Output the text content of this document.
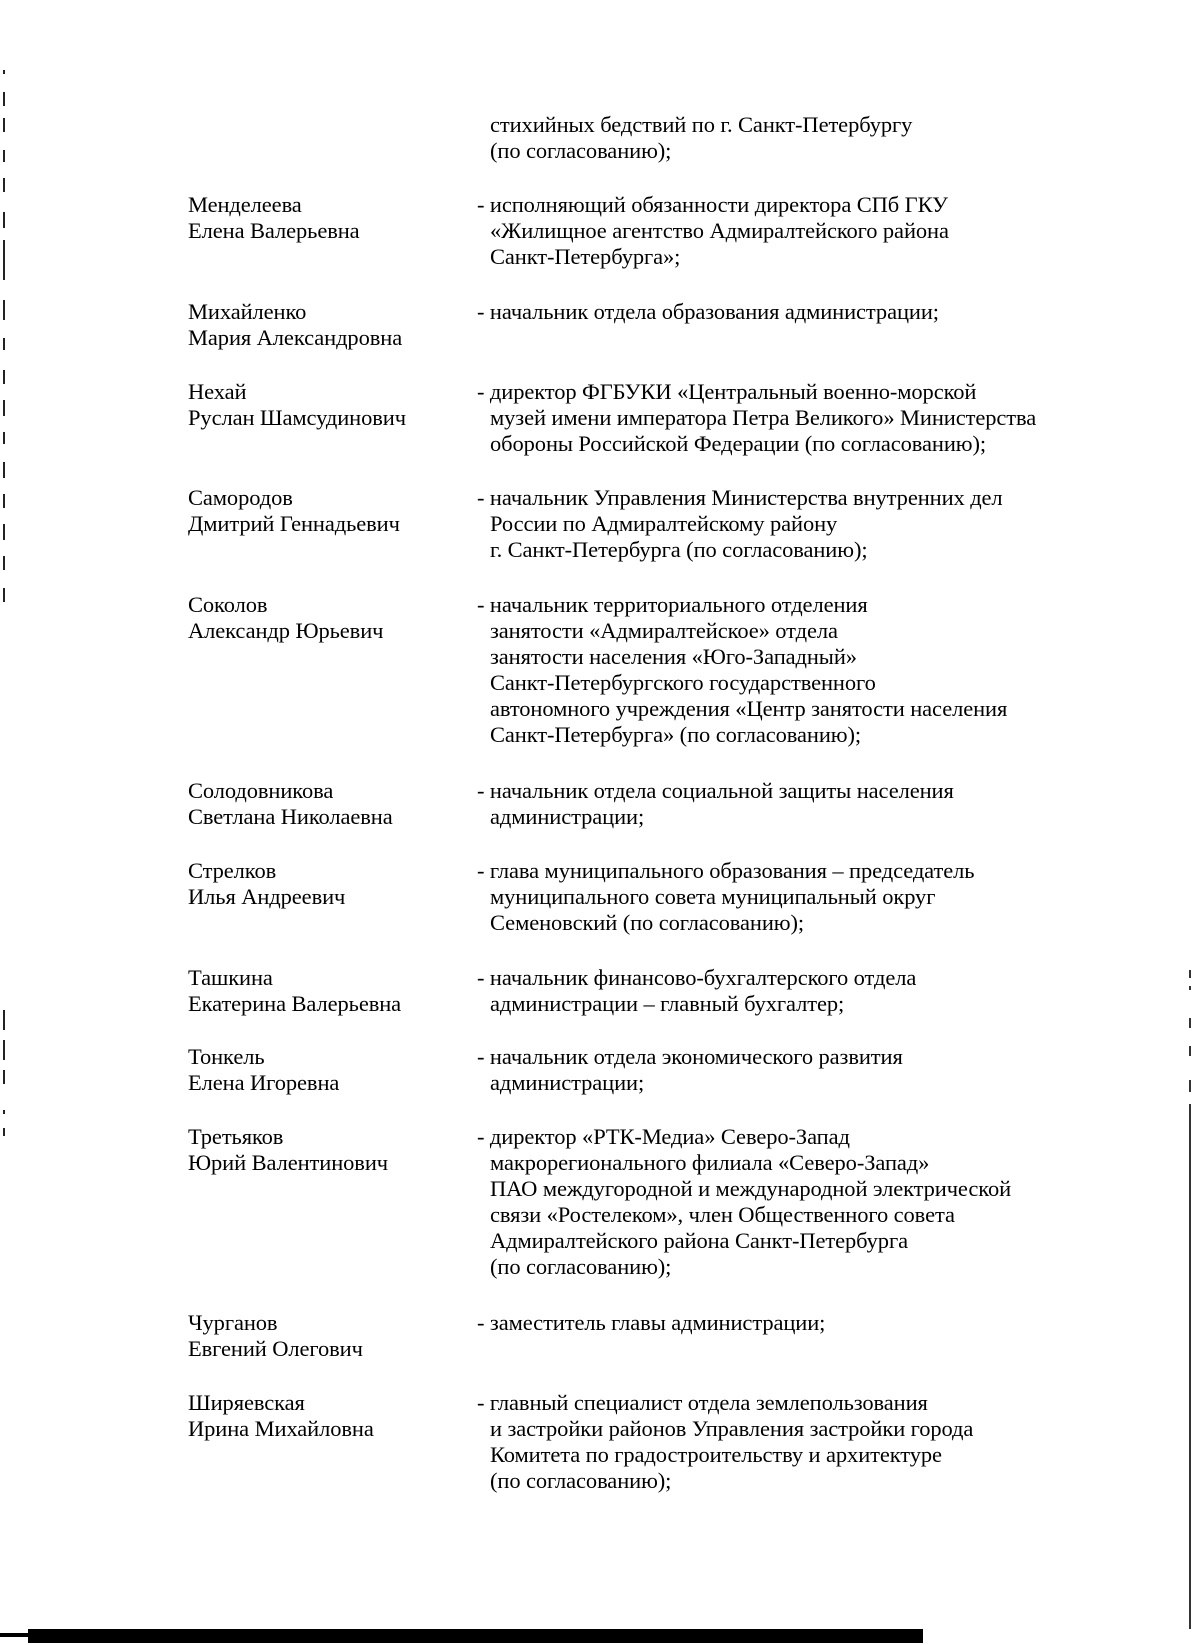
стихийных бедствий по г. Санкт-Петербургу
(по согласованию);
Менделеева
Елена Валерьевна
- исполняющий обязанности директора СПб ГКУ
«Жилищное агентство Адмиралтейского района
Санкт-Петербурга»;
Михайленко
Мария Александровна
- начальник отдела образования администрации;
Нехай
Руслан Шамсудинович
- директор ФГБУКИ «Центральный военно-морской
музей имени императора Петра Великого» Министерства
обороны Российской Федерации (по согласованию);
Самородов
Дмитрий Геннадьевич
- начальник Управления Министерства внутренних дел
России по Адмиралтейскому району
г. Санкт-Петербурга (по согласованию);
Соколов
Александр Юрьевич
- начальник территориального отделения
занятости «Адмиралтейское» отдела
занятости населения «Юго-Западный»
Санкт-Петербургского государственного
автономного учреждения «Центр занятости населения
Санкт-Петербурга» (по согласованию);
Солодовникова
Светлана Николаевна
- начальник отдела социальной защиты населения
администрации;
Стрелков
Илья Андреевич
- глава муниципального образования – председатель
муниципального совета муниципальный округ
Семеновский (по согласованию);
Ташкина
Екатерина Валерьевна
- начальник финансово-бухгалтерского отдела
администрации – главный бухгалтер;
Тонкель
Елена Игоревна
- начальник отдела экономического развития
администрации;
Третьяков
Юрий Валентинович
- директор «РТК-Медиа» Северо-Запад
макрорегионального филиала «Северо-Запад»
ПАО междугородной и международной электрической
связи «Ростелеком», член Общественного совета
Адмиралтейского района Санкт-Петербурга
(по согласованию);
Чурганов
Евгений Олегович
- заместитель главы администрации;
Ширяевская
Ирина Михайловна
- главный специалист отдела землепользования
и застройки районов Управления застройки города
Комитета по градостроительству и архитектуре
(по согласованию);
